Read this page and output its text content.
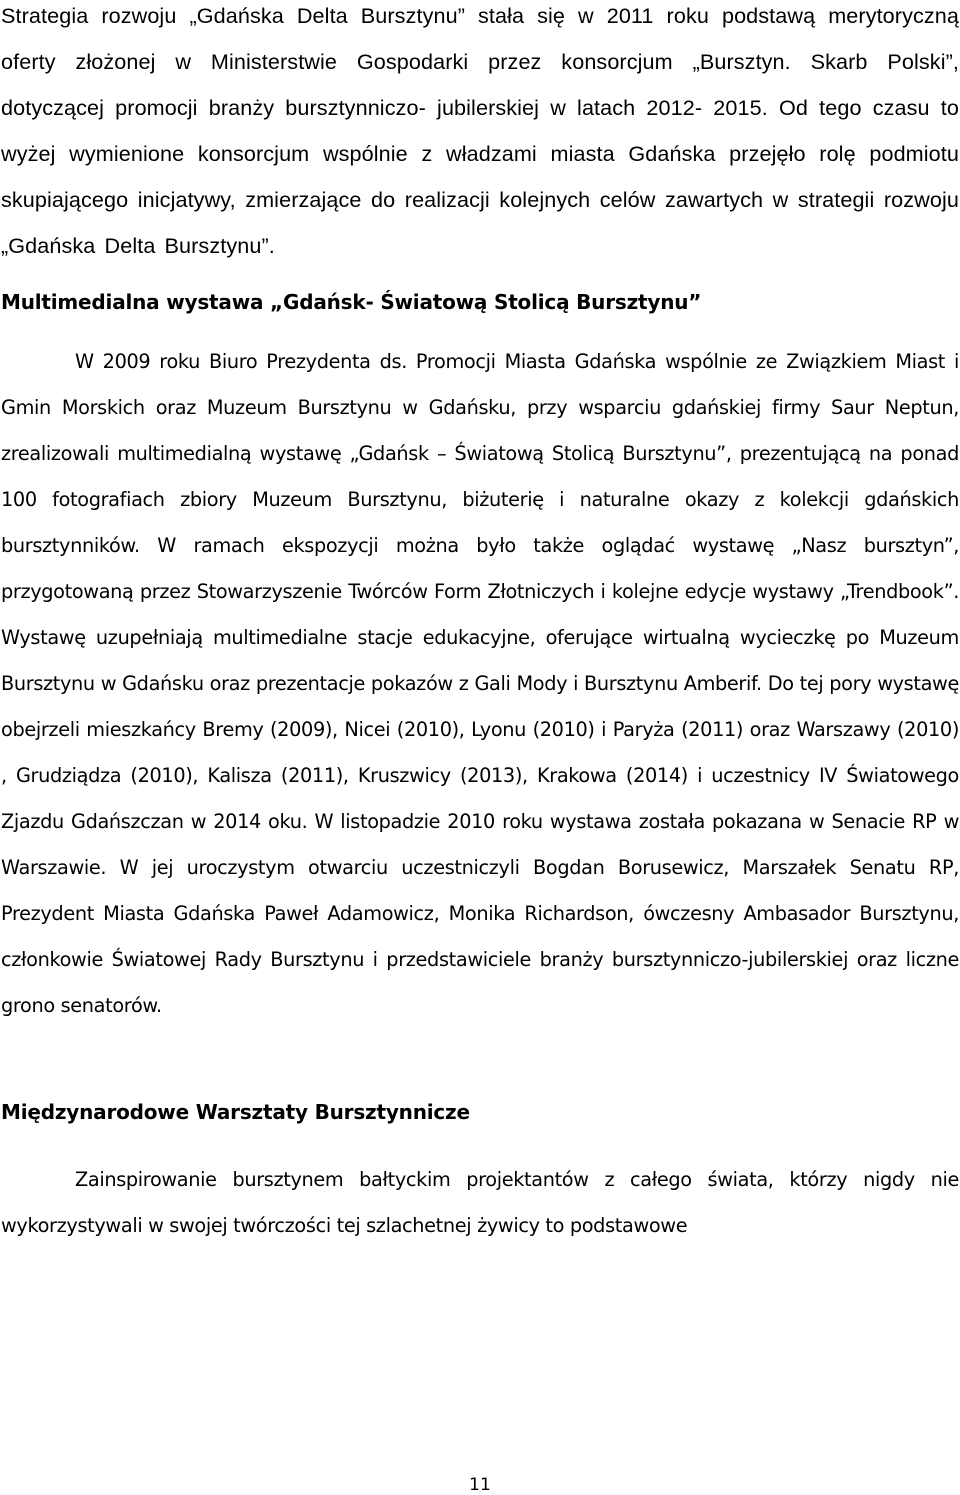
Strategia rozwoju „Gdańska Delta Bursztynu” stała się w 2011 roku podstawą merytoryczną oferty złożonej w Ministerstwie Gospodarki przez konsorcjum „Bursztyn. Skarb Polski”, dotyczącej promocji branży bursztynniczo- jubilerskiej w latach 2012- 2015. Od tego czasu to wyżej wymienione konsorcjum wspólnie z władzami miasta Gdańska przejęło rolę podmiotu skupiającego inicjatywy, zmierzające do realizacji kolejnych celów zawartych w strategii rozwoju „Gdańska Delta Bursztynu”.

Multimedialna wystawa „Gdańsk- Światową Stolicą Bursztynu”

W 2009 roku Biuro Prezydenta ds. Promocji Miasta Gdańska wspólnie ze Związkiem Miast i Gmin Morskich oraz Muzeum Bursztynu w Gdańsku, przy wsparciu gdańskiej firmy Saur Neptun, zrealizowali multimedialną wystawę „Gdańsk – Światową Stolicą Bursztynu”, prezentującą na ponad 100 fotografiach zbiory Muzeum Bursztynu, biżuterię i naturalne okazy z kolekcji gdańskich bursztynników. W ramach ekspozycji można było także oglądać wystawę „Nasz bursztyn”, przygotowaną przez Stowarzyszenie Twórców Form Złotniczych i kolejne edycje wystawy „Trendbook”. Wystawę uzupełniają multimedialne stacje edukacyjne, oferujące wirtualną wycieczkę po Muzeum Bursztynu w Gdańsku oraz prezentacje pokazów z Gali Mody i Bursztynu Amberif. Do tej pory wystawę obejrzeli mieszkańcy Bremy (2009), Nicei (2010), Lyonu (2010) i Paryża (2011) oraz Warszawy (2010) , Grudziądza (2010), Kalisza (2011), Kruszwicy (2013), Krakowa (2014) i uczestnicy IV Światowego Zjazdu Gdańszczan w 2014 oku. W listopadzie 2010 roku wystawa została pokazana w Senacie RP w Warszawie. W jej uroczystym otwarciu uczestniczyli Bogdan Borusewicz, Marszałek Senatu RP, Prezydent Miasta Gdańska Paweł Adamowicz, Monika Richardson, ówczesny Ambasador Bursztynu, członkowie Światowej Rady Bursztynu i przedstawiciele branży bursztynniczo-jubilerskiej oraz liczne grono senatorów.

Międzynarodowe Warsztaty Bursztynnicze

Zainspirowanie bursztynem bałtyckim projektantów z całego świata, którzy nigdy nie wykorzystywali w swojej twórczości tej szlachetnej żywicy to podstawowe

11
